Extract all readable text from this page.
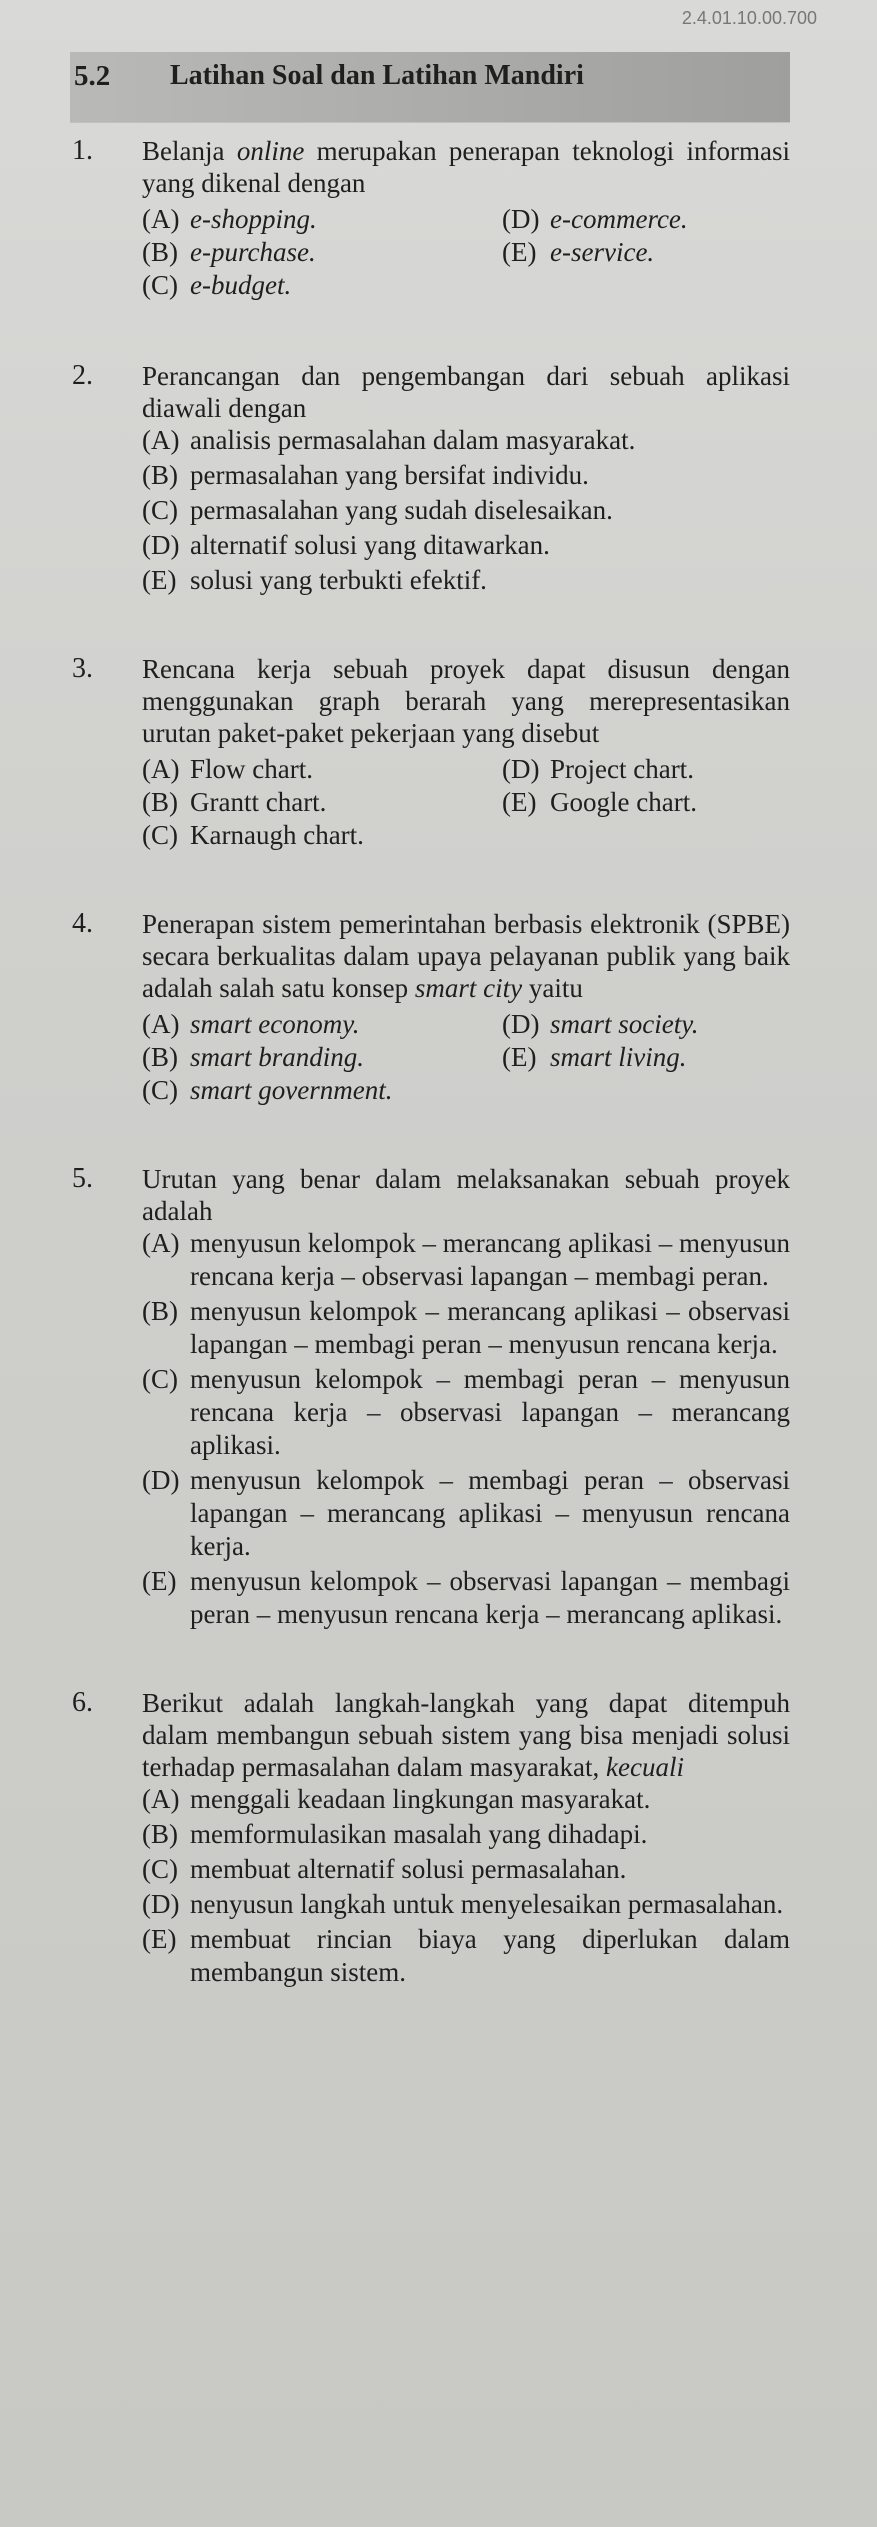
2.4.01.10.00.700
5.2 Latihan Soal dan Latihan Mandiri
1. Belanja online merupakan penerapan teknologi informasi yang dikenal dengan
(A) e-shopping.	(D) e-commerce.
(B) e-purchase.	(E) e-service.
(C) e-budget.
2. Perancangan dan pengembangan dari sebuah aplikasi diawali dengan
(A) analisis permasalahan dalam masyarakat.
(B) permasalahan yang bersifat individu.
(C) permasalahan yang sudah diselesaikan.
(D) alternatif solusi yang ditawarkan.
(E) solusi yang terbukti efektif.
3. Rencana kerja sebuah proyek dapat disusun dengan menggunakan graph berarah yang merepresentasikan urutan paket-paket pekerjaan yang disebut
(A) Flow chart.	(D) Project chart.
(B) Grantt chart.	(E) Google chart.
(C) Karnaugh chart.
4. Penerapan sistem pemerintahan berbasis elektronik (SPBE) secara berkualitas dalam upaya pelayanan publik yang baik adalah salah satu konsep smart city yaitu
(A) smart economy.	(D) smart society.
(B) smart branding.	(E) smart living.
(C) smart government.
5. Urutan yang benar dalam melaksanakan sebuah proyek adalah
(A) menyusun kelompok – merancang aplikasi – menyusun rencana kerja – observasi lapangan – membagi peran.
(B) menyusun kelompok – merancang aplikasi – observasi lapangan – membagi peran – menyusun rencana kerja.
(C) menyusun kelompok – membagi peran – menyusun rencana kerja – observasi lapangan – merancang aplikasi.
(D) menyusun kelompok – membagi peran – observasi lapangan – merancang aplikasi – menyusun rencana kerja.
(E) menyusun kelompok – observasi lapangan – membagi peran – menyusun rencana kerja – merancang aplikasi.
6. Berikut adalah langkah-langkah yang dapat ditempuh dalam membangun sebuah sistem yang bisa menjadi solusi terhadap permasalahan dalam masyarakat, kecuali
(A) menggali keadaan lingkungan masyarakat.
(B) memformulasikan masalah yang dihadapi.
(C) membuat alternatif solusi permasalahan.
(D) nenyusun langkah untuk menyelesaikan permasalahan.
(E) membuat rincian biaya yang diperlukan dalam membangun sistem.
